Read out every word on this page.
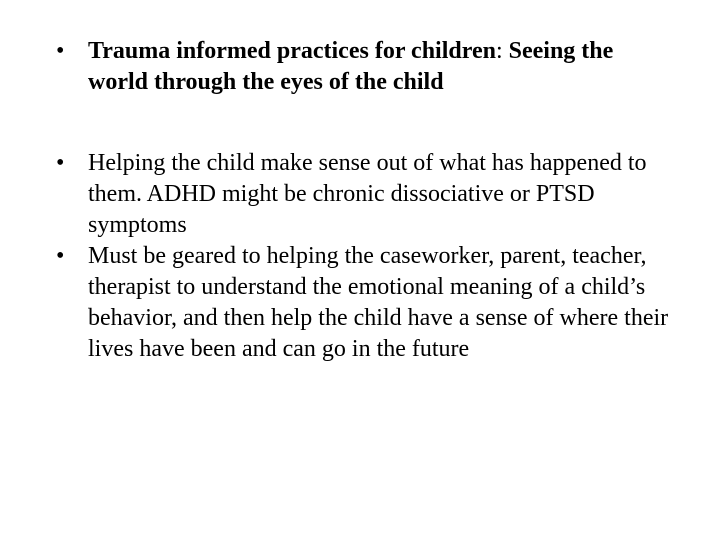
• Trauma informed practices for children: Seeing the world through the eyes of the child
• Helping the child make sense out of what has happened to them. ADHD might be chronic dissociative or PTSD symptoms
• Must be geared to helping the caseworker, parent, teacher, therapist to understand the emotional meaning of a child’s behavior, and then help the child have a sense of where their lives have been and can go in the future
